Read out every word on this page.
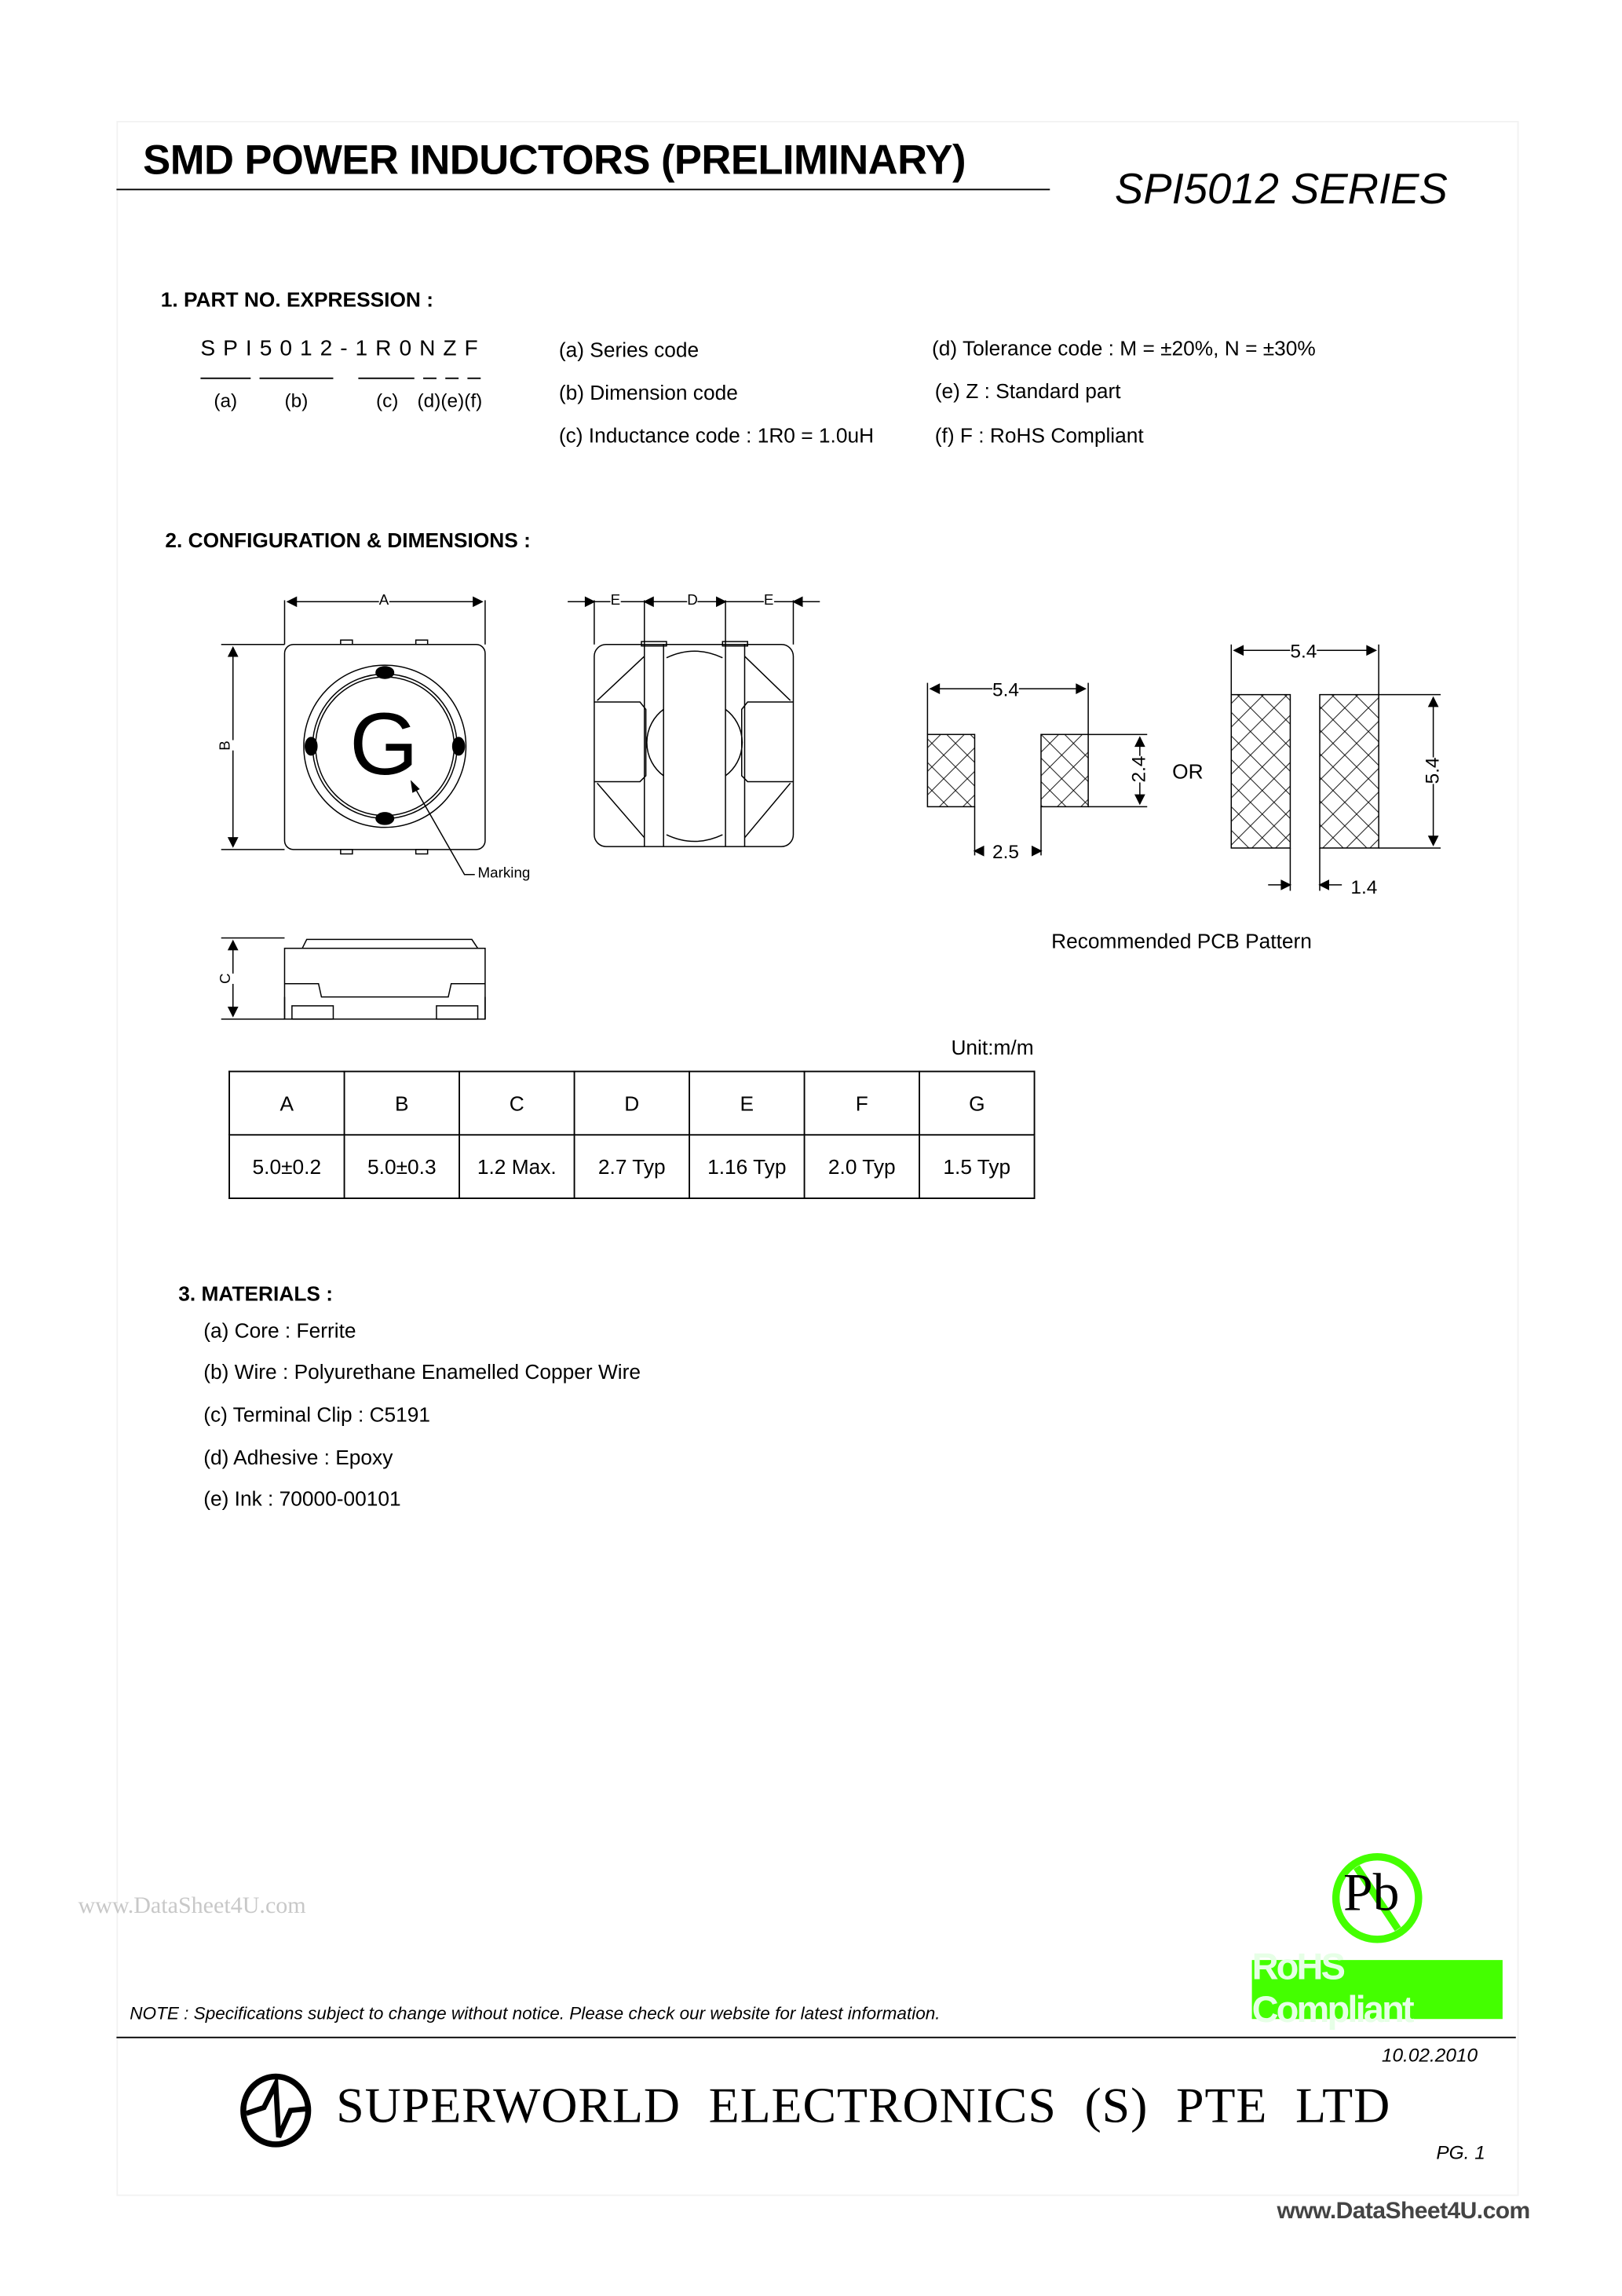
SMD POWER INDUCTORS (PRELIMINARY)
SPI5012 SERIES
1. PART NO. EXPRESSION :
SPI5012-1R0NZF
(a)	(b)	(c) (d)(e)(f)
(a) Series code
(b) Dimension code
(c) Inductance code : 1R0 = 1.0uH
(d) Tolerance code : M = ±20%, N = ±30%
(e) Z : Standard part
(f) F : RoHS Compliant
2. CONFIGURATION & DIMENSIONS :
A
B
C
E	D	E
G
Marking
5.4
2.4
2.5
OR
5.4
5.4
1.4
Recommended PCB Pattern
Unit:m/m
A	B	C	D	E	F	G
5.0±0.2	5.0±0.3	1.2 Max.	2.7 Typ	1.16 Typ	2.0 Typ	1.5 Typ
3. MATERIALS :
(a) Core : Ferrite
(b) Wire : Polyurethane Enamelled Copper Wire
(c) Terminal Clip : C5191
(d) Adhesive : Epoxy
(e) Ink : 70000-00101
www.DataSheet4U.com	Pb
RoHS Compliant
NOTE : Specifications subject to change without notice. Please check our website for latest information.
10.02.2010
SUPERWORLD ELECTRONICS (S) PTE LTD
PG. 1
www.DataSheet4U.com
